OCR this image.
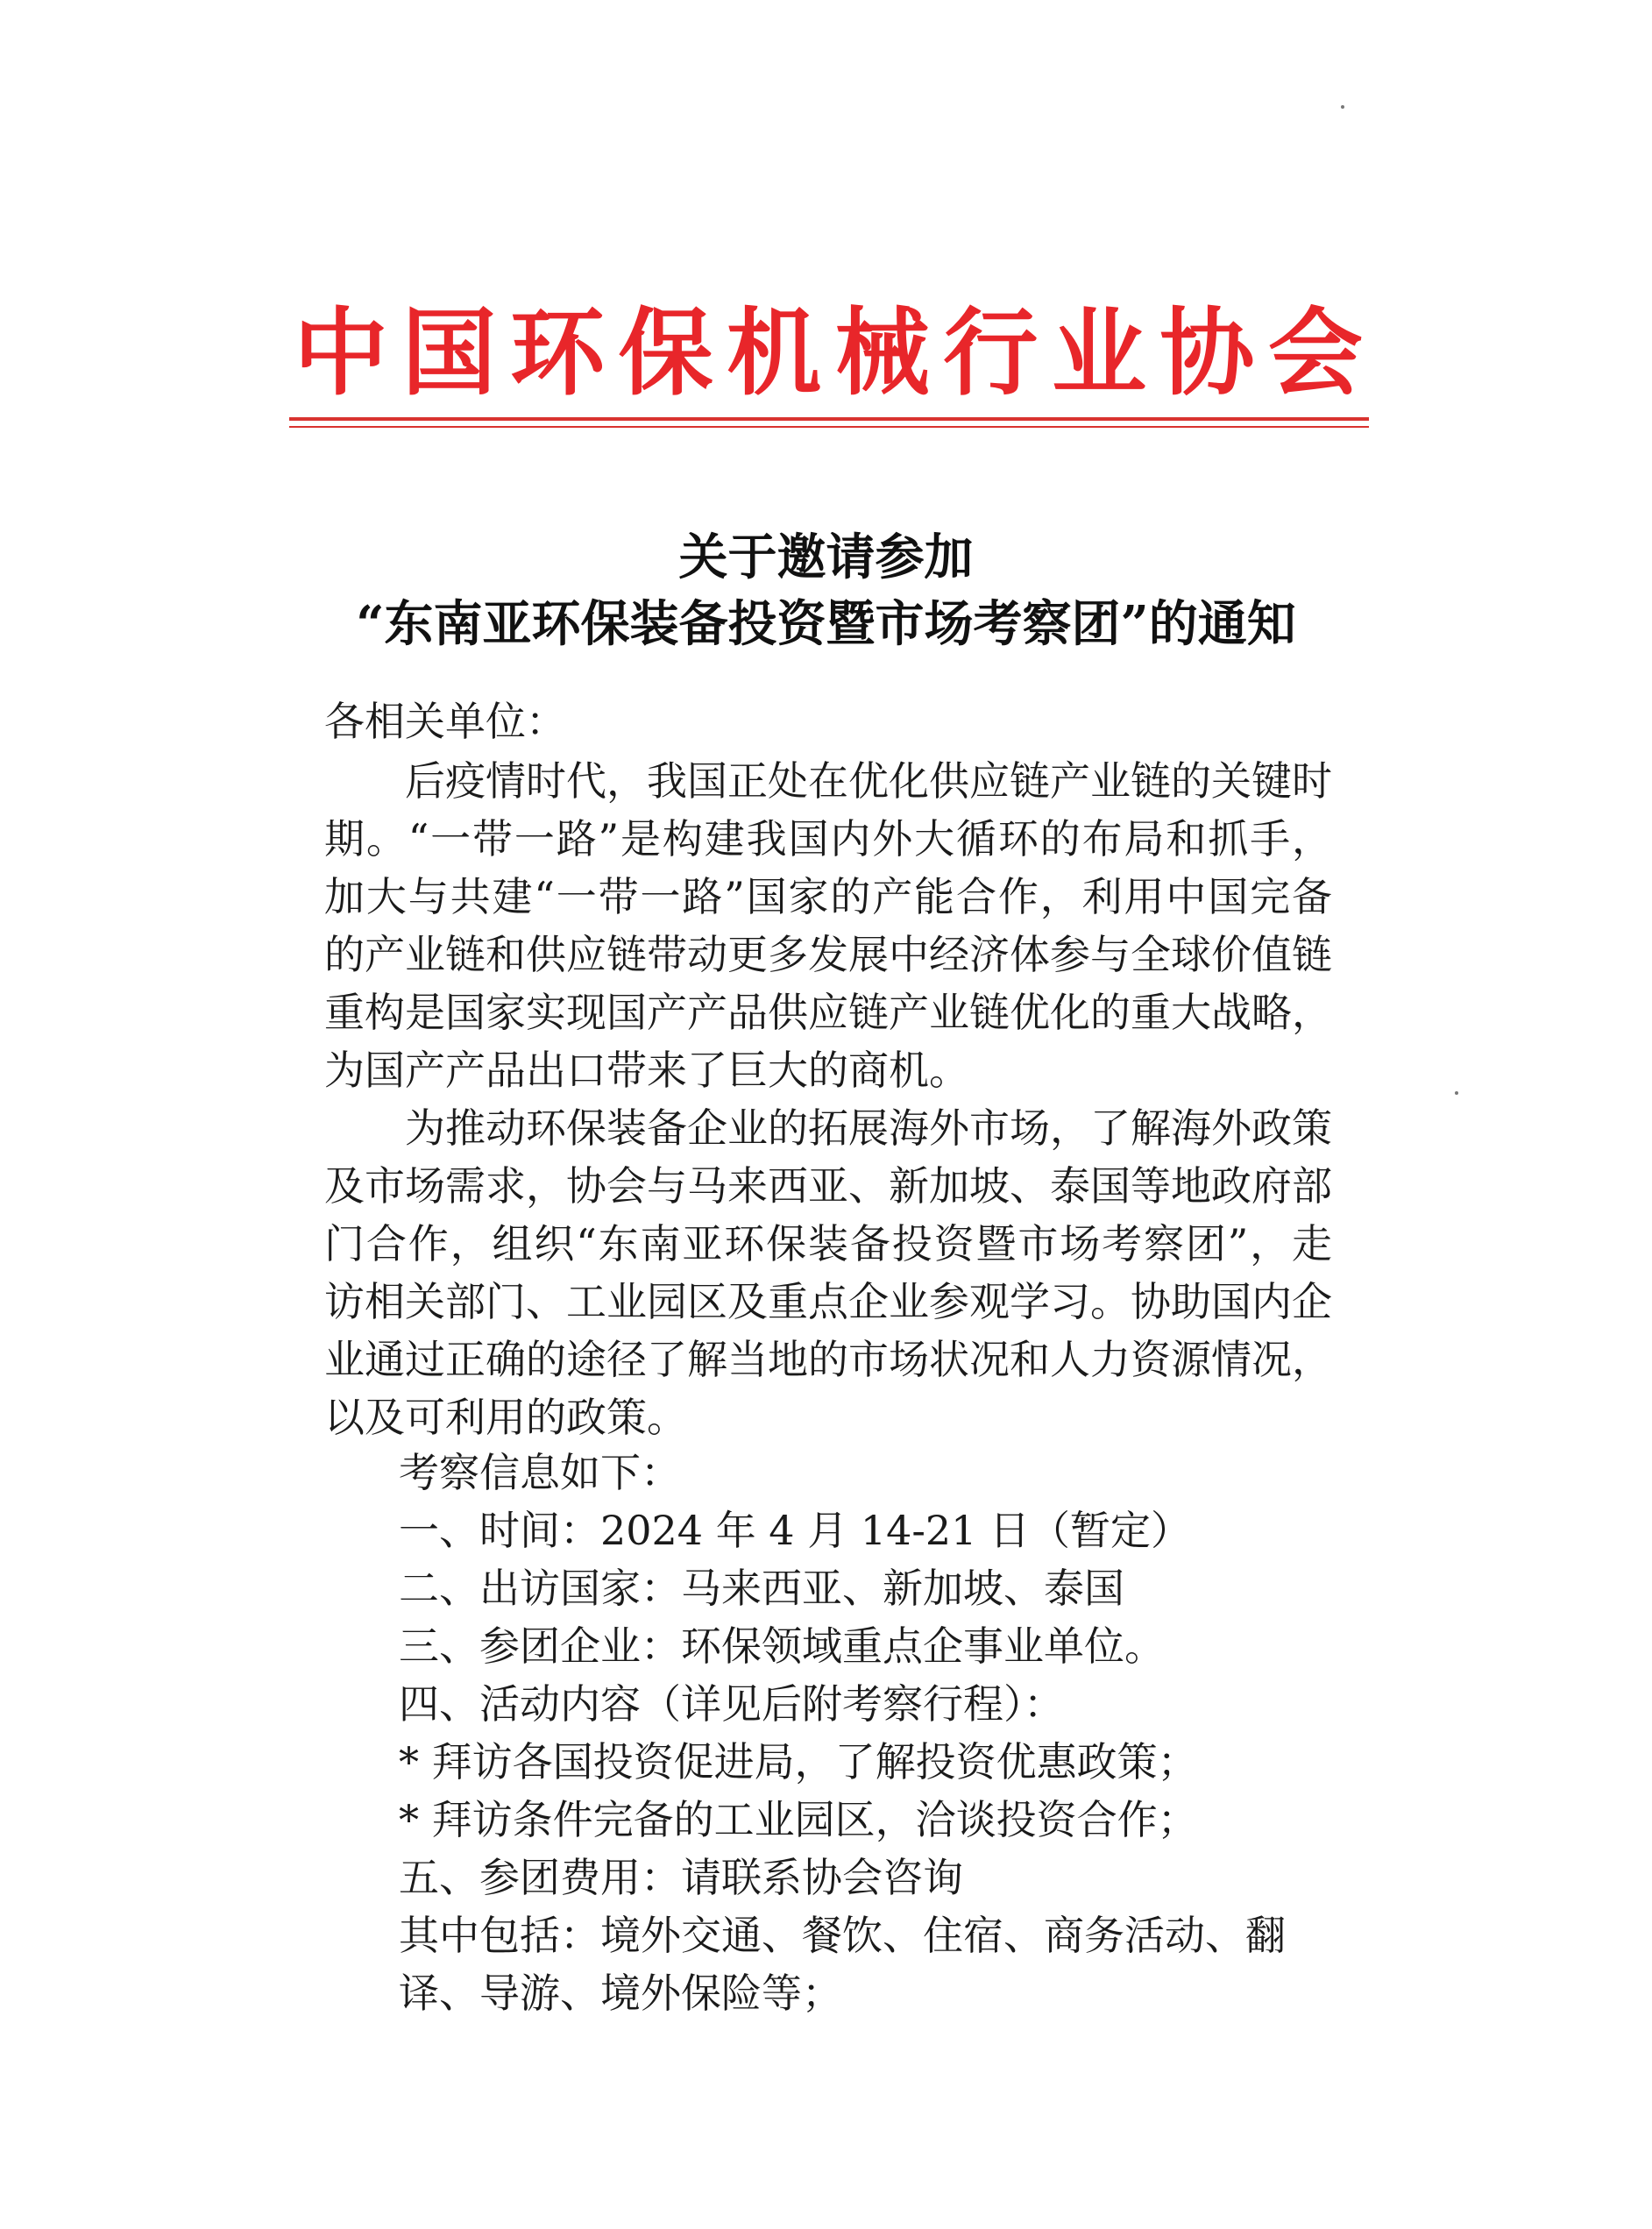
中 国 环 保 机 械 行 业 协 会
关于邀请参加
“东南亚环保装备投资暨市场考察团”的通知
各相关单位：
后疫情时代，我国正处在优化供应链产业链的关键时期。“一带一路”是构建我国内外大循环的布局和抓手，加大与共建“一带一路”国家的产能合作，利用中国完备的产业链和供应链带动更多发展中经济体参与全球价值链重构是国家实现国产产品供应链产业链优化的重大战略，为国产产品出口带来了巨大的商机。
为推动环保装备企业的拓展海外市场，了解海外政策及市场需求，协会与马来西亚、新加坡、泰国等地政府部门合作，组织“东南亚环保装备投资暨市场考察团”，走访相关部门、工业园区及重点企业参观学习。协助国内企业通过正确的途径了解当地的市场状况和人力资源情况，以及可利用的政策。
考察信息如下：
一、时间：2024 年 4 月 14-21 日（暂定）
二、出访国家：马来西亚、新加坡、泰国
三、参团企业：环保领域重点企事业单位。
四、活动内容（详见后附考察行程）：
* 拜访各国投资促进局，了解投资优惠政策；
* 拜访条件完备的工业园区，洽谈投资合作；
五、参团费用：请联系协会咨询
其中包括：境外交通、餐饮、住宿、商务活动、翻译、导游、境外保险等；
